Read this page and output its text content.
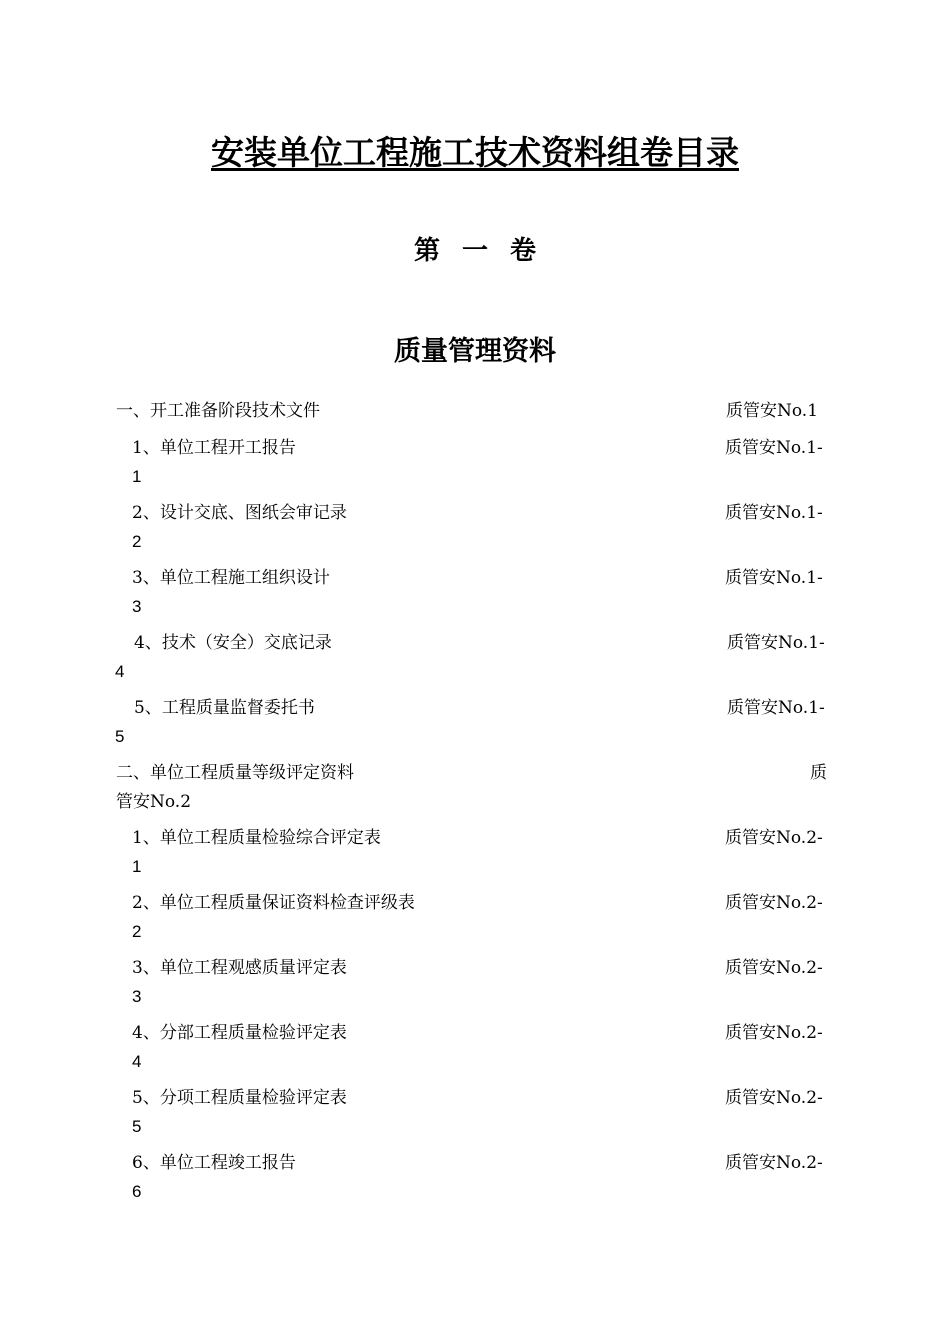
安装单位工程施工技术资料组卷目录
第一卷
质量管理资料
一、开工准备阶段技术文件	质管安No.1
1、单位工程开工报告	质管安No.1-
1
2、设计交底、图纸会审记录	质管安No.1-
2
3、单位工程施工组织设计	质管安No.1-
3
4、技术（安全）交底记录	质管安No.1-
4
5、工程质量监督委托书	质管安No.1-
5
二、单位工程质量等级评定资料	质
管安No.2
1、单位工程质量检验综合评定表	质管安No.2-
1
2、单位工程质量保证资料检查评级表	质管安No.2-
2
3、单位工程观感质量评定表	质管安No.2-
3
4、分部工程质量检验评定表	质管安No.2-
4
5、分项工程质量检验评定表	质管安No.2-
5
6、单位工程竣工报告	质管安No.2-
6
